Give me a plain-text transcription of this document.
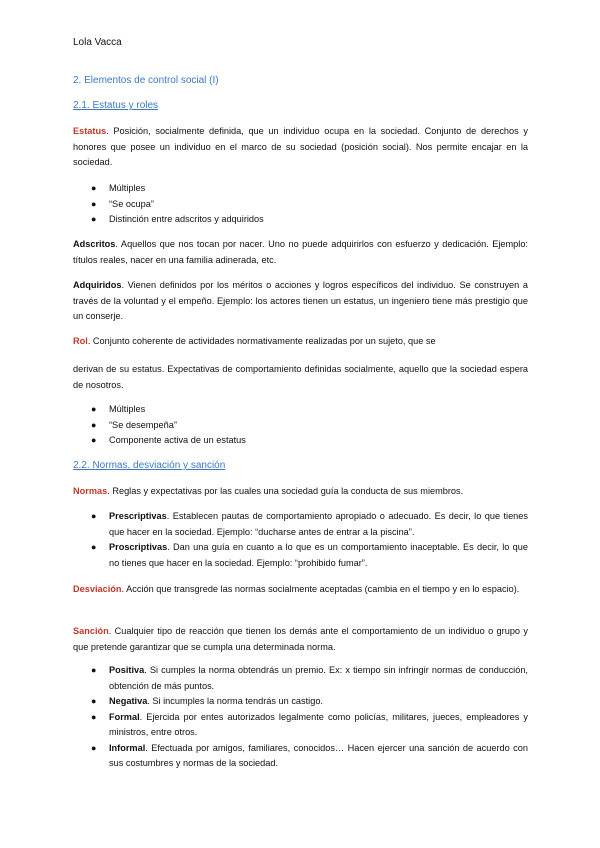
Lola Vacca
2. Elementos de control social (I)
2.1. Estatus y roles
Estatus. Posición, socialmente definida, que un individuo ocupa en la sociedad. Conjunto de derechos y honores que posee un individuo en el marco de su sociedad (posición social). Nos permite encajar en la sociedad.
● Múltiples
● “Se ocupa”
● Distinción entre adscritos y adquiridos
Adscritos. Aquellos que nos tocan por nacer. Uno no puede adquirirlos con esfuerzo y dedicación. Ejemplo: títulos reales, nacer en una familia adinerada, etc.
Adquiridos. Vienen definidos por los méritos o acciones y logros específicos del individuo. Se construyen a través de la voluntad y el empeño. Ejemplo: los actores tienen un estatus, un ingeniero tiene más prestigio que un conserje.
Rol. Conjunto coherente de actividades normativamente realizadas por un sujeto, que se
derivan de su estatus. Expectativas de comportamiento definidas socialmente, aquello que la sociedad espera de nosotros.
● Múltiples
● “Se desempeña”
● Componente activa de un estatus
2.2. Normas, desviación y sanción
Normas. Reglas y expectativas por las cuales una sociedad guía la conducta de sus miembros.
● Prescriptivas. Establecen pautas de comportamiento apropiado o adecuado. Es decir, lo que tienes que hacer en la sociedad. Ejemplo: “ducharse antes de entrar a la piscina”.
● Proscriptivas. Dan una guía en cuanto a lo que es un comportamiento inaceptable. Es decir, lo que no tienes que hacer en la sociedad. Ejemplo: “prohibido fumar”.
Desviación. Acción que transgrede las normas socialmente aceptadas (cambia en el tiempo y en lo espacio).
Sanción. Cualquier tipo de reacción que tienen los demás ante el comportamiento de un individuo o grupo y que pretende garantizar que se cumpla una determinada norma.
● Positiva. Si cumples la norma obtendrás un premio. Ex: x tiempo sin infringir normas de conducción, obtención de más puntos.
● Negativa. Si incumples la norma tendrás un castigo.
● Formal. Ejercida por entes autorizados legalmente como policías, militares, jueces, empleadores y ministros, entre otros.
● Informal. Efectuada por amigos, familiares, conocidos… Hacen ejercer una sanción de acuerdo con sus costumbres y normas de la sociedad.
